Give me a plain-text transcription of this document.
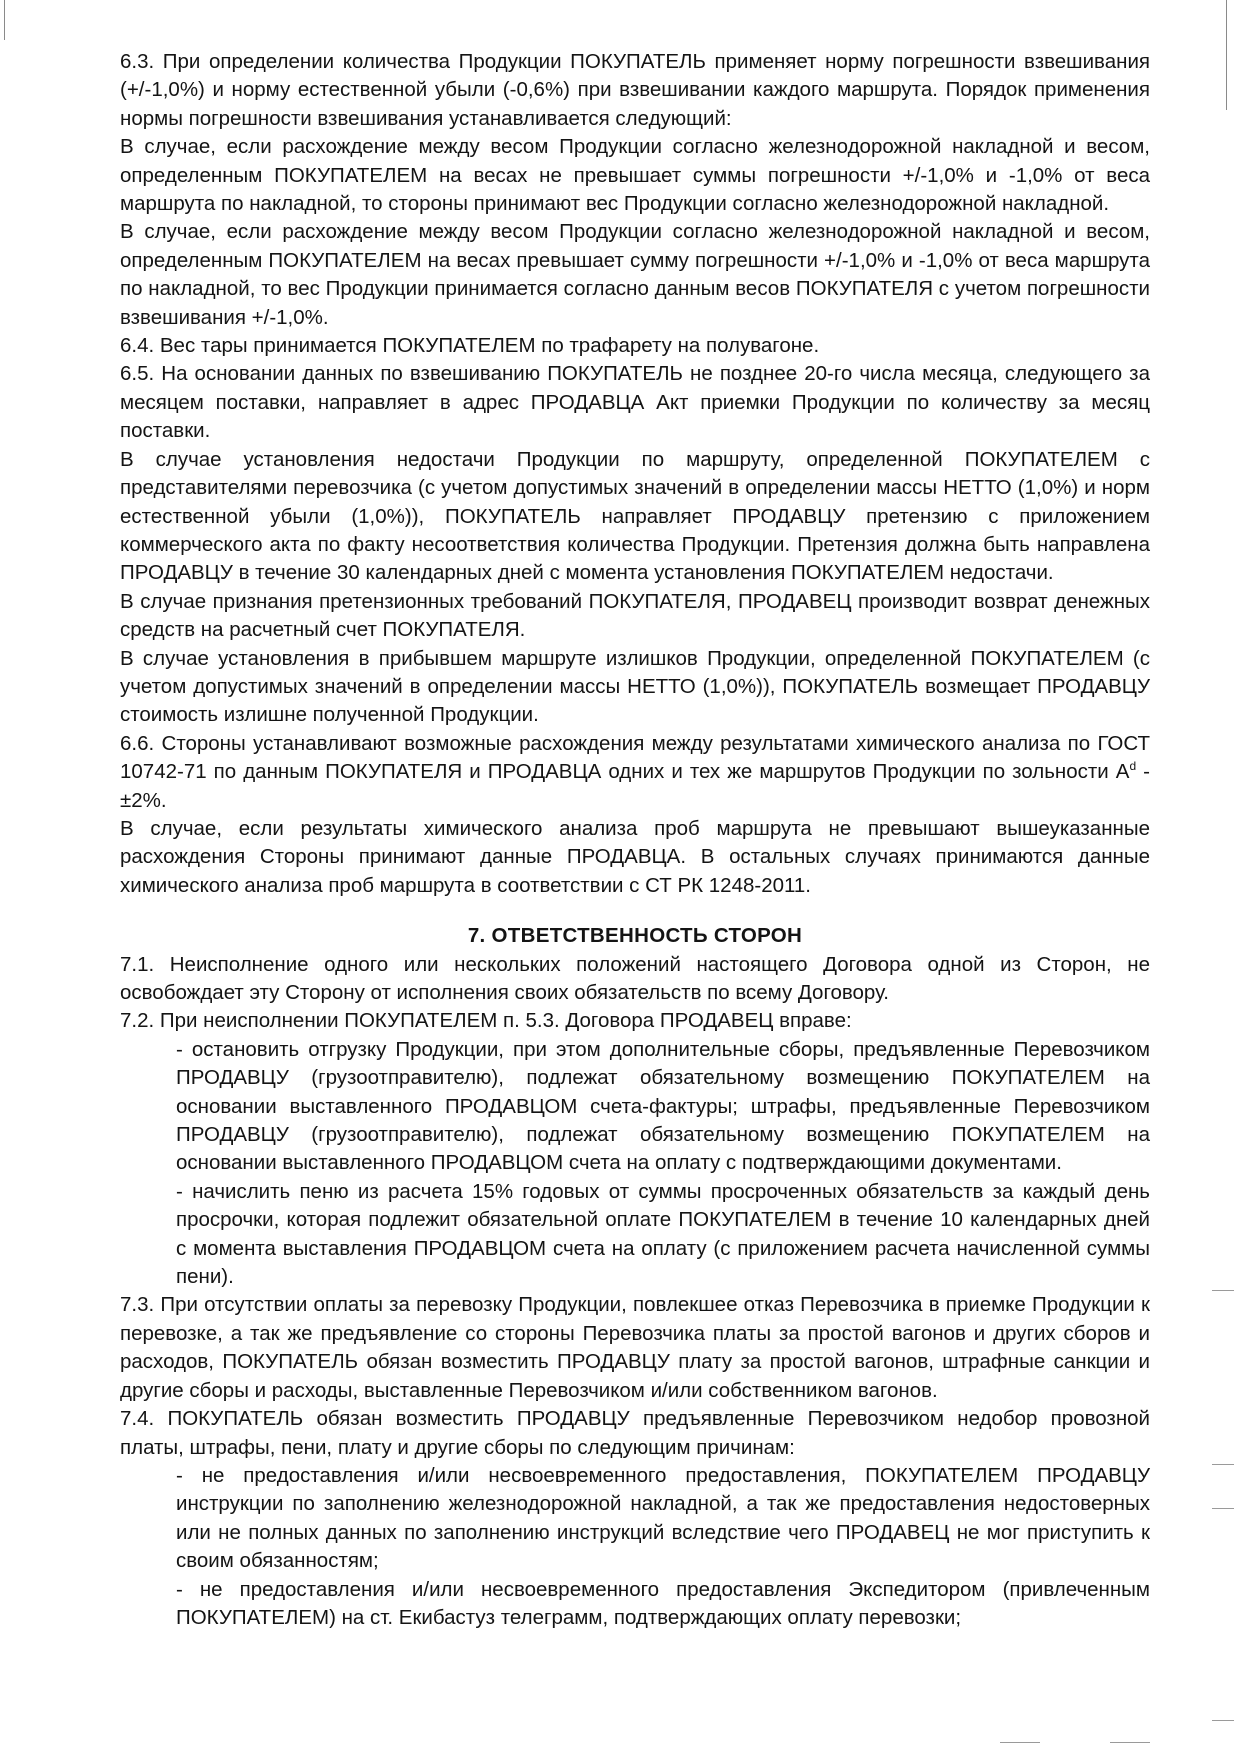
6.3. При определении количества Продукции ПОКУПАТЕЛЬ применяет норму погрешности взвешивания (+/-1,0%) и норму естественной убыли (-0,6%) при взвешивании каждого маршрута. Порядок применения нормы погрешности взвешивания устанавливается следующий:

В случае, если расхождение между весом Продукции согласно железнодорожной накладной и весом, определенным ПОКУПАТЕЛЕМ на весах не превышает суммы погрешности +/-1,0% и -1,0% от веса маршрута по накладной, то стороны принимают вес Продукции согласно железнодорожной накладной.

В случае, если расхождение между весом Продукции согласно железнодорожной накладной и весом, определенным ПОКУПАТЕЛЕМ на весах превышает сумму погрешности +/-1,0% и -1,0% от веса маршрута по накладной, то вес Продукции принимается согласно данным весов ПОКУПАТЕЛЯ с учетом погрешности взвешивания +/-1,0%.

6.4. Вес тары принимается ПОКУПАТЕЛЕМ по трафарету на полувагоне.

6.5. На основании данных по взвешиванию ПОКУПАТЕЛЬ не позднее 20-го числа месяца, следующего за месяцем поставки, направляет в адрес ПРОДАВЦА Акт приемки Продукции по количеству за месяц поставки.

В случае установления недостачи Продукции по маршруту, определенной ПОКУПАТЕЛЕМ с представителями перевозчика (с учетом допустимых значений в определении массы НЕТТО (1,0%) и норм естественной убыли (1,0%)), ПОКУПАТЕЛЬ направляет ПРОДАВЦУ претензию с приложением коммерческого акта по факту несоответствия количества Продукции. Претензия должна быть направлена ПРОДАВЦУ в течение 30 календарных дней с момента установления ПОКУПАТЕЛЕМ недостачи.

В случае признания претензионных требований ПОКУПАТЕЛЯ, ПРОДАВЕЦ производит возврат денежных средств на расчетный счет ПОКУПАТЕЛЯ.

В случае установления в прибывшем маршруте излишков Продукции, определенной ПОКУПАТЕЛЕМ (с учетом допустимых значений в определении массы НЕТТО (1,0%)), ПОКУПАТЕЛЬ возмещает ПРОДАВЦУ стоимость излишне полученной Продукции.

6.6. Стороны устанавливают возможные расхождения между результатами химического анализа по ГОСТ 10742-71 по данным ПОКУПАТЕЛЯ и ПРОДАВЦА одних и тех же маршрутов Продукции по зольности $A^d - \pm 2\%$.

В случае, если результаты химического анализа проб маршрута не превышают вышеуказанные расхождения Стороны принимают данные ПРОДАВЦА. В остальных случаях принимаются данные химического анализа проб маршрута в соответствии с СТ РК 1248-2011.

7. ОТВЕТСТВЕННОСТЬ СТОРОН

7.1. Неисполнение одного или нескольких положений настоящего Договора одной из Сторон, не освобождает эту Сторону от исполнения своих обязательств по всему Договору.

7.2. При неисполнении ПОКУПАТЕЛЕМ п. 5.3. Договора ПРОДАВЕЦ вправе:

- остановить отгрузку Продукции, при этом дополнительные сборы, предъявленные Перевозчиком ПРОДАВЦУ (грузоотправителю), подлежат обязательному возмещению ПОКУПАТЕЛЕМ на основании выставленного ПРОДАВЦОМ счета-фактуры; штрафы, предъявленные Перевозчиком ПРОДАВЦУ (грузоотправителю), подлежат обязательному возмещению ПОКУПАТЕЛЕМ на основании выставленного ПРОДАВЦОМ счета на оплату с подтверждающими документами.

- начислить пеню из расчета 15% годовых от суммы просроченных обязательств за каждый день просрочки, которая подлежит обязательной оплате ПОКУПАТЕЛЕМ в течение 10 календарных дней с момента выставления ПРОДАВЦОМ счета на оплату (с приложением расчета начисленной суммы пени).

7.3. При отсутствии оплаты за перевозку Продукции, повлекшее отказ Перевозчика в приемке Продукции к перевозке, а так же предъявление со стороны Перевозчика платы за простой вагонов и других сборов и расходов, ПОКУПАТЕЛЬ обязан возместить ПРОДАВЦУ плату за простой вагонов, штрафные санкции и другие сборы и расходы, выставленные Перевозчиком и/или собственником вагонов.

7.4. ПОКУПАТЕЛЬ обязан возместить ПРОДАВЦУ предъявленные Перевозчиком недобор провозной платы, штрафы, пени, плату и другие сборы по следующим причинам:

- не предоставления и/или несвоевременного предоставления, ПОКУПАТЕЛЕМ ПРОДАВЦУ инструкции по заполнению железнодорожной накладной, а так же предоставления недостоверных или не полных данных по заполнению инструкций вследствие чего ПРОДАВЕЦ не мог приступить к своим обязанностям;

- не предоставления и/или несвоевременного предоставления Экспедитором (привлеченным ПОКУПАТЕЛЕМ) на ст. Екибастуз телеграмм, подтверждающих оплату перевозки;
